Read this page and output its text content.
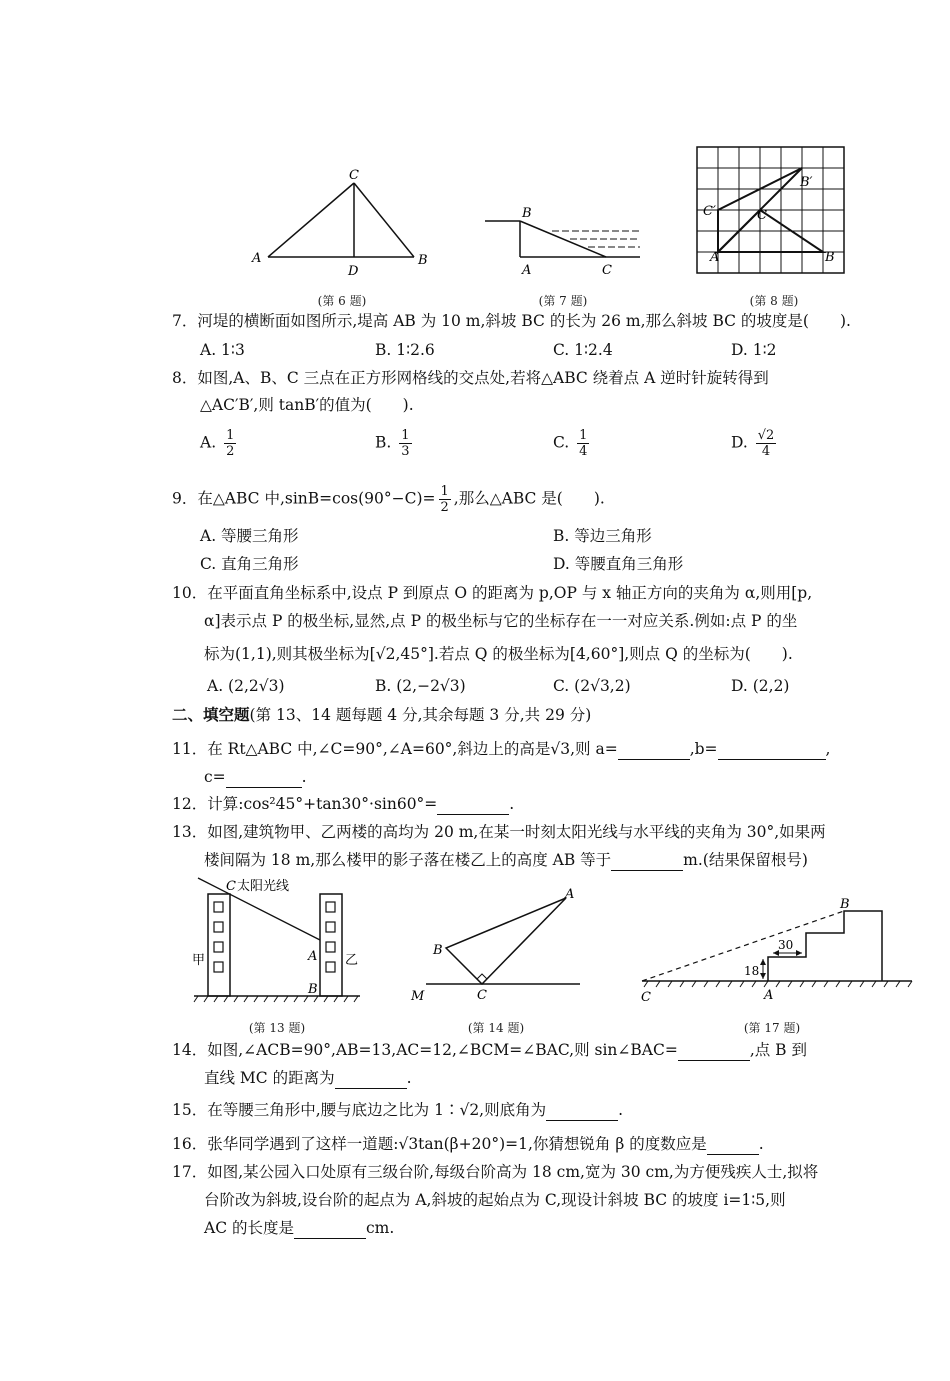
C
A	B
D
(第 6 题)
B
A	C
(第 7 题)
B′
C′	C
A	B
(第 8 题)
7．河堤的横断面如图所示,堤高 AB 为 10 m,斜坡 BC 的长为 26 m,那么斜坡 BC 的坡度是(　　).
A. 1∶3	B. 1∶2.6	C. 1∶2.4	D. 1∶2
8．如图,A、B、C 三点在正方形网格线的交点处,若将△ABC 绕着点 A 逆时针旋转得到
△AC′B′,则 tanB′的值为(　　).
A. $\frac{1}{2}$	B. $\frac{1}{3}$	C. $\frac{1}{4}$	D. $\frac{√2}{4}$
9．在△ABC 中$,\sin B=\cos(90^\circ-C)= \frac{1}{2}$ ,那么△ABC 是(　　).
A. 等腰三角形	B. 等边三角形
C. 直角三角形	D. 等腰直角三角形
10．在平面直角坐标系中,设点 P 到原点 O 的距离为 p,OP 与 x 轴正方向的夹角为 α,则用[p,
α]表示点 P 的极坐标,显然,点 P 的极坐标与它的坐标存在一一对应关系.例如:点 P 的坐
标为(1,1),则其极坐标为[√2,45°].若点 Q 的极坐标为[4,60°],则点 Q 的坐标为(　　).
A. (2,2√3)	B. (2,−2√3)	C. (2√3,2)	D. (2,2)
二、填空题(第 13、14 题每题 4 分,其余每题 3 分,共 29 分)
11．在 Rt△ABC 中,∠C=90°,∠A=60°,斜边上的高是√3,则 a=	,b=	,
c=	.
12．计算:cos²45°+tan30°·sin60°=	.
13．如图,建筑物甲、乙两楼的高均为 20 m,在某一时刻太阳光线与水平线的夹角为 30°,如果两
楼间隔为 18 m,那么楼甲的影子落在楼乙上的高度 AB 等于	m.(结果保留根号)
C 太阳光线
甲	乙
A
B
(第 13 题)
A
B
C
M
(第 14 题)
B
30
18
C	A
(第 17 题)
14．如图,∠ACB=90°,AB=13,AC=12,∠BCM=∠BAC,则 sin∠BAC=	,点 B 到
直线 MC 的距离为	.
15．在等腰三角形中,腰与底边之比为 1∶√2,则底角为	.
16．张华同学遇到了这样一道题:√3tan(β+20°)=1,你猜想锐角 β 的度数应是	.
17．如图,某公园入口处原有三级台阶,每级台阶高为 18 cm,宽为 30 cm,为方便残疾人士,拟将
台阶改为斜坡,设台阶的起点为 A,斜坡的起始点为 C,现设计斜坡 BC 的坡度 i=1∶5,则
AC 的长度是	cm.
